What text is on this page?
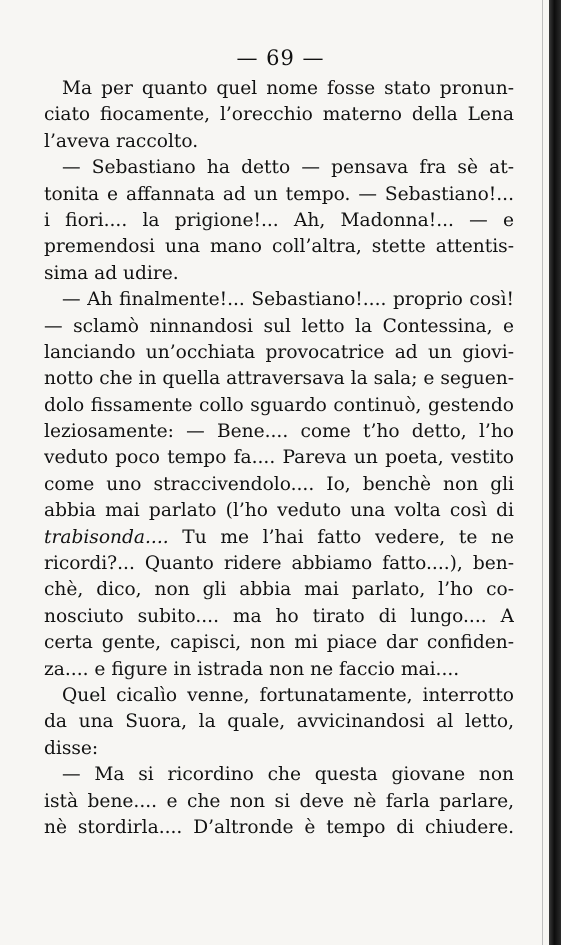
— 69 —
Ma per quanto quel nome fosse stato pronun-
ciato fiocamente, l’orecchio materno della Lena
l’aveva raccolto.
— Sebastiano ha detto — pensava fra sè at-
tonita e affannata ad un tempo. — Sebastiano!...
i fiori.... la prigione!... Ah, Madonna!... — e
premendosi una mano coll’altra, stette attentis-
sima ad udire.
— Ah finalmente!... Sebastiano!.... proprio così!
— sclamò ninnandosi sul letto la Contessina, e
lanciando un’occhiata provocatrice ad un giovi-
notto che in quella attraversava la sala; e seguen-
dolo fissamente collo sguardo continuò, gestendo
leziosamente: — Bene.... come t’ho detto, l’ho
veduto poco tempo fa.... Pareva un poeta, vestito
come uno straccivendolo.... Io, benchè non gli
abbia mai parlato (l’ho veduto una volta così di
trabisonda.... Tu me l’hai fatto vedere, te ne
ricordi?... Quanto ridere abbiamo fatto....), ben-
chè, dico, non gli abbia mai parlato, l’ho co-
nosciuto subito.... ma ho tirato di lungo.... A
certa gente, capisci, non mi piace dar confiden-
za.... e figure in istrada non ne faccio mai....
Quel cicalìo venne, fortunatamente, interrotto
da una Suora, la quale, avvicinandosi al letto,
disse:
— Ma si ricordino che questa giovane non
istà bene.... e che non si deve nè farla parlare,
nè stordirla.... D’altronde è tempo di chiudere.
